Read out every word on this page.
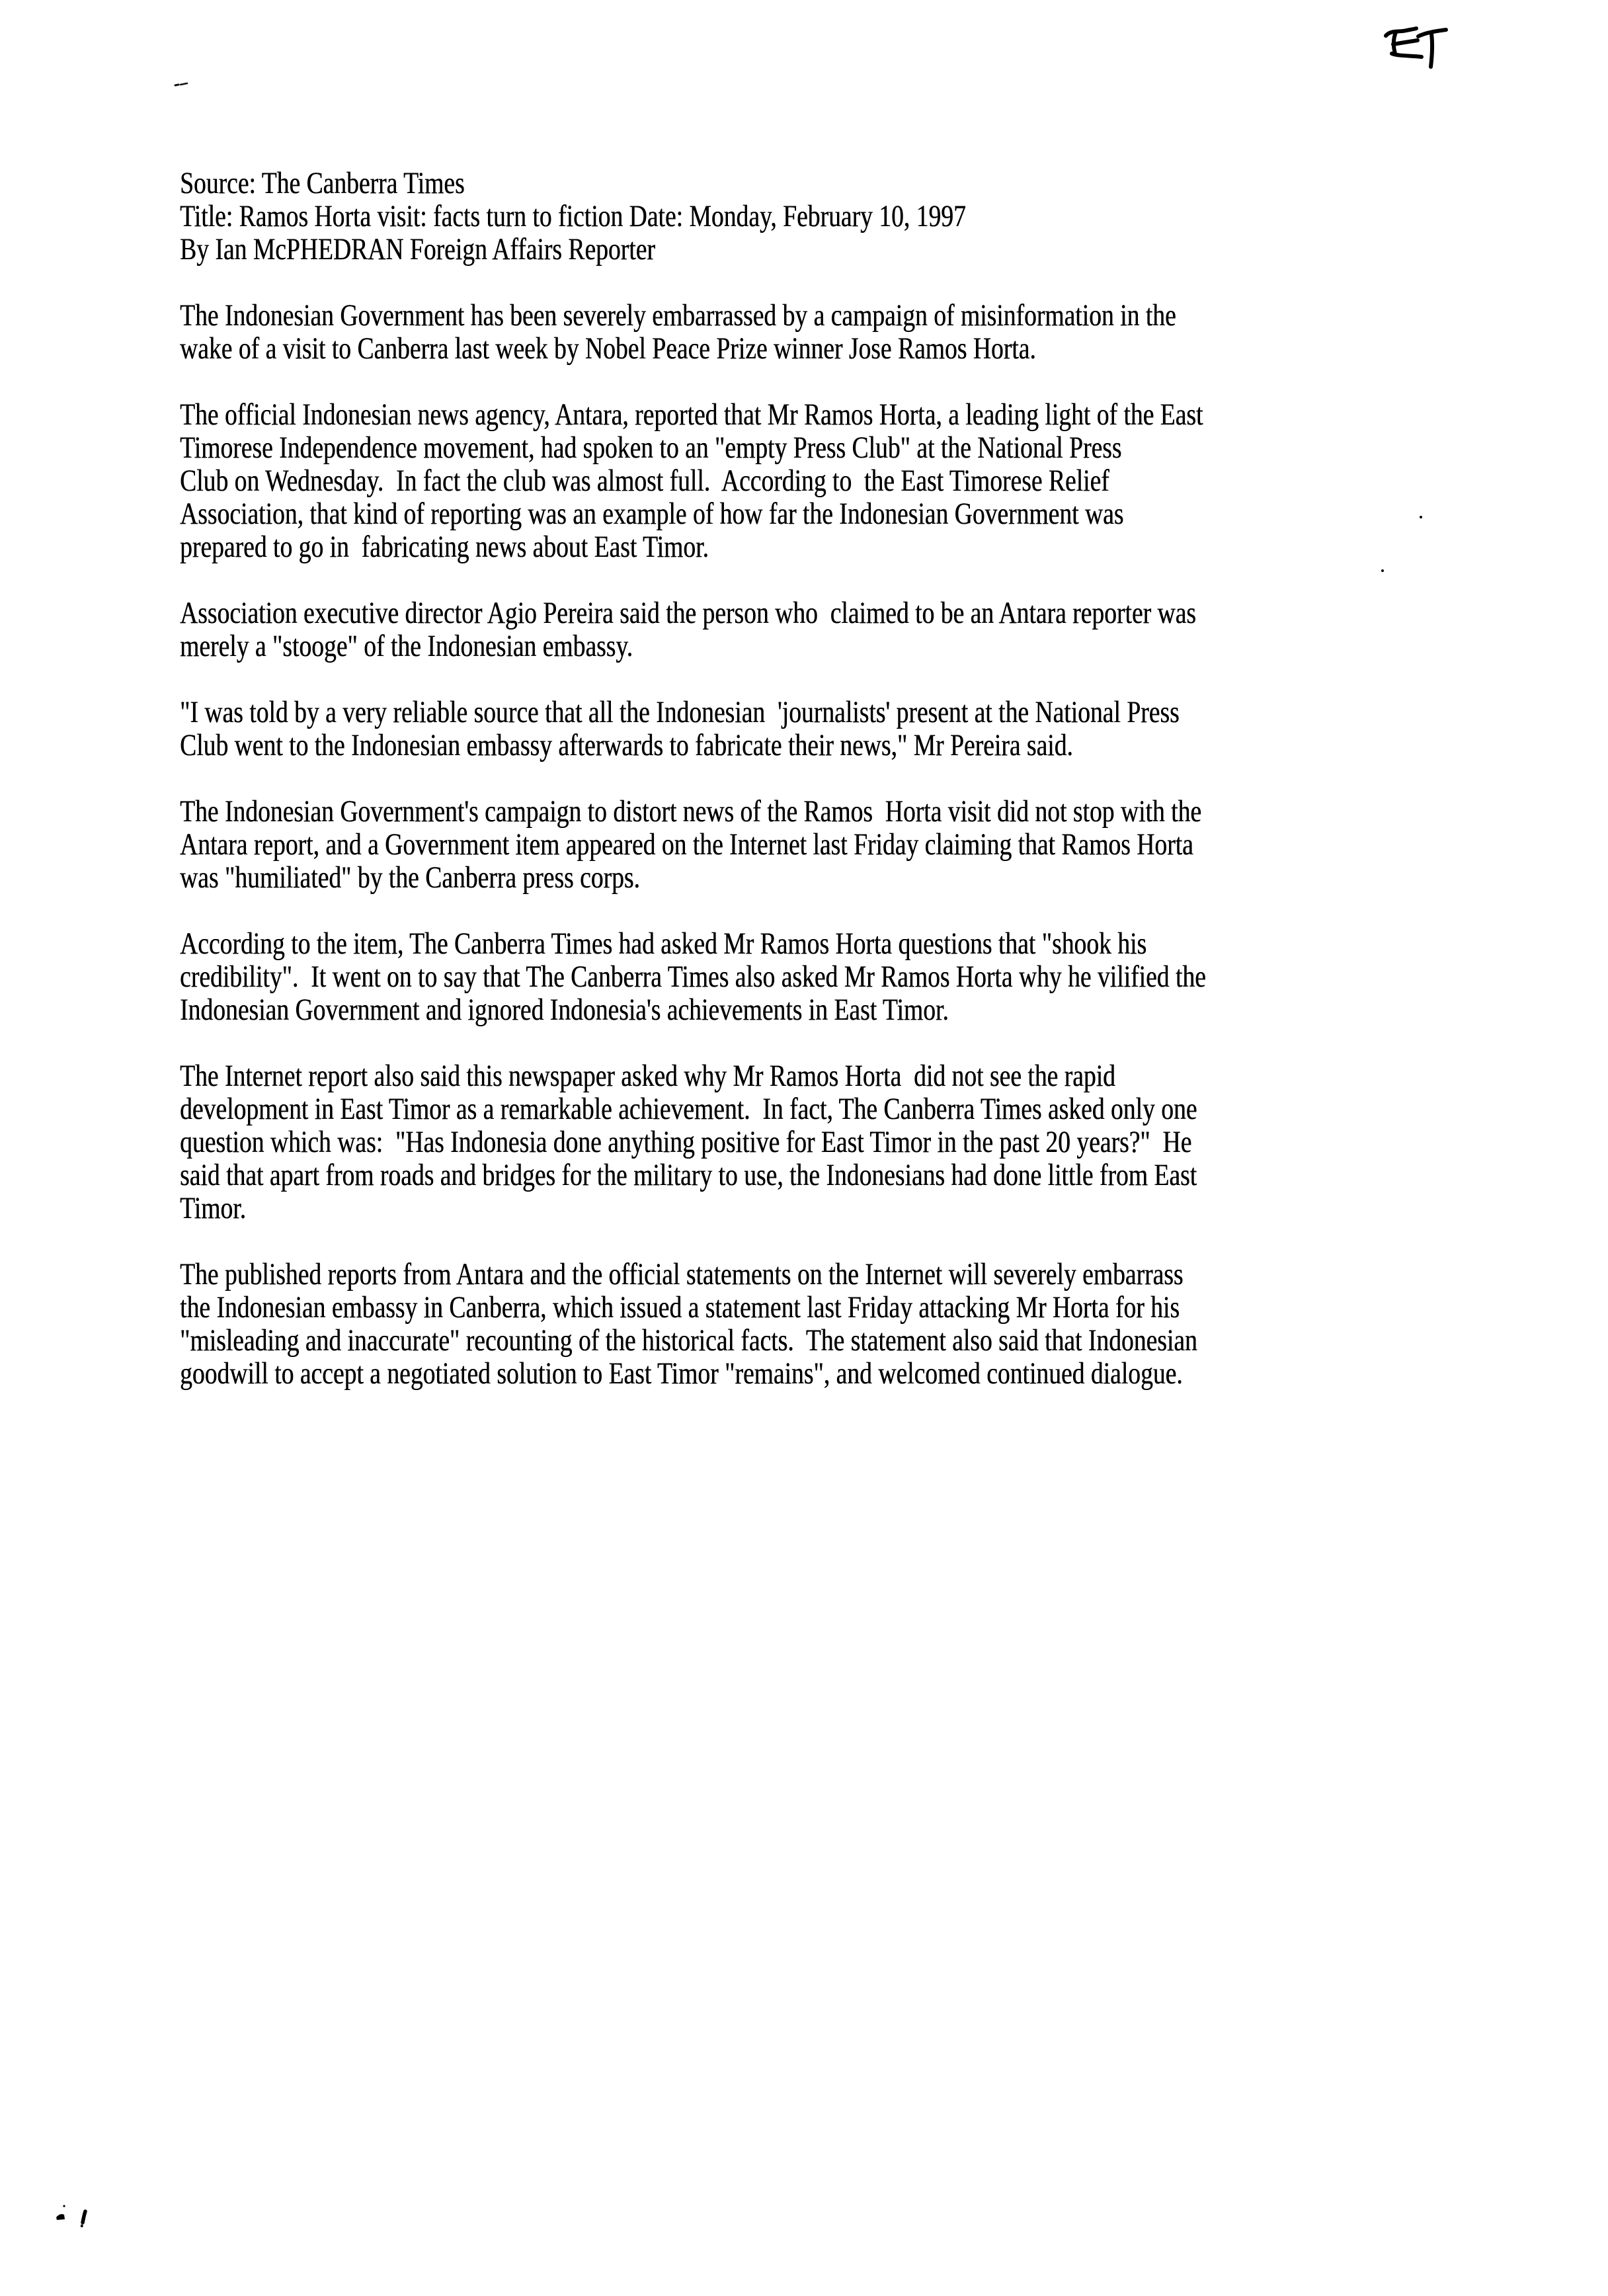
Source: The Canberra Times
Title: Ramos Horta visit: facts turn to fiction Date: Monday, February 10, 1997
By Ian McPHEDRAN Foreign Affairs Reporter
The Indonesian Government has been severely embarrassed by a campaign of misinformation in the
wake of a visit to Canberra last week by Nobel Peace Prize winner Jose Ramos Horta.
The official Indonesian news agency, Antara, reported that Mr Ramos Horta, a leading light of the East
Timorese Independence movement, had spoken to an "empty Press Club" at the National Press
Club on Wednesday.  In fact the club was almost full.  According to  the East Timorese Relief
Association, that kind of reporting was an example of how far the Indonesian Government was
prepared to go in  fabricating news about East Timor.
Association executive director Agio Pereira said the person who  claimed to be an Antara reporter was
merely a "stooge" of the Indonesian embassy.
"I was told by a very reliable source that all the Indonesian  'journalists' present at the National Press
Club went to the Indonesian embassy afterwards to fabricate their news," Mr Pereira said.
The Indonesian Government's campaign to distort news of the Ramos  Horta visit did not stop with the
Antara report, and a Government item appeared on the Internet last Friday claiming that Ramos Horta
was "humiliated" by the Canberra press corps.
According to the item, The Canberra Times had asked Mr Ramos Horta questions that "shook his
credibility".  It went on to say that The Canberra Times also asked Mr Ramos Horta why he vilified the
Indonesian Government and ignored Indonesia's achievements in East Timor.
The Internet report also said this newspaper asked why Mr Ramos Horta  did not see the rapid
development in East Timor as a remarkable achievement.  In fact, The Canberra Times asked only one
question which was:  "Has Indonesia done anything positive for East Timor in the past 20 years?"  He
said that apart from roads and bridges for the military to use, the Indonesians had done little from East
Timor.
The published reports from Antara and the official statements on the Internet will severely embarrass
the Indonesian embassy in Canberra, which issued a statement last Friday attacking Mr Horta for his
"misleading and inaccurate" recounting of the historical facts.  The statement also said that Indonesian
goodwill to accept a negotiated solution to East Timor "remains", and welcomed continued dialogue.
